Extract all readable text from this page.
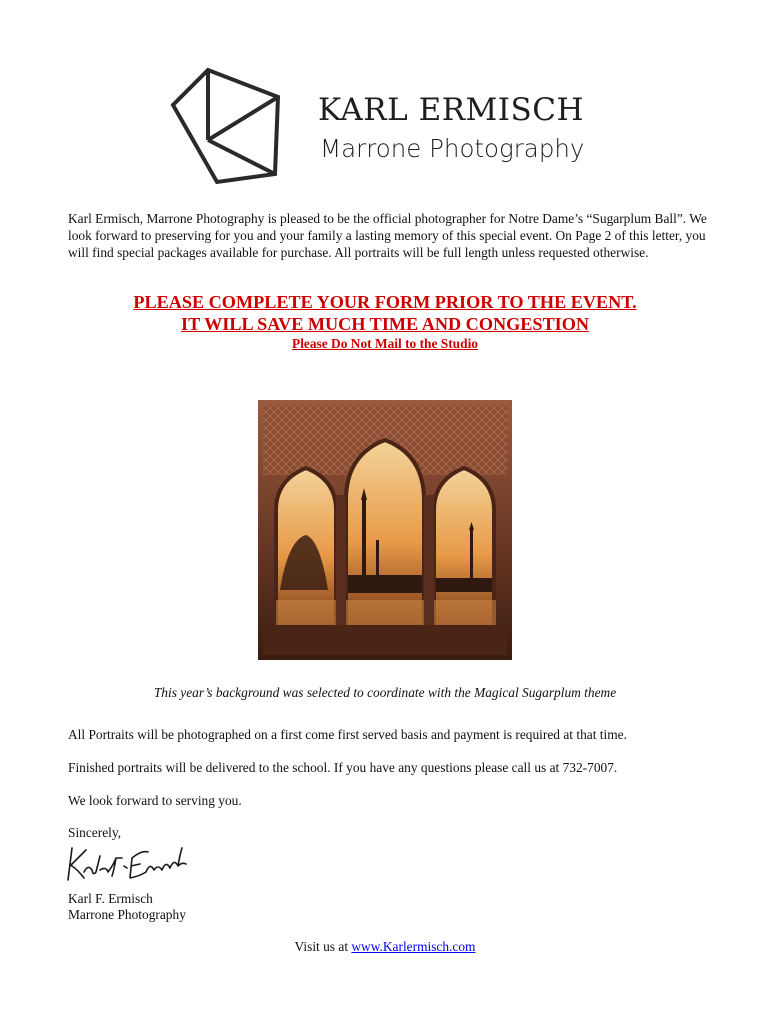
KARL ERMISCH
Marrone Photography
Karl Ermisch, Marrone Photography is pleased to be the official photographer for Notre Dame’s “Sugarplum Ball”. We look forward to preserving for you and your family a lasting memory of this special event. On Page 2 of this letter, you will find special packages available for purchase. All portraits will be full length unless requested otherwise.
PLEASE COMPLETE YOUR FORM PRIOR TO THE EVENT.
IT WILL SAVE MUCH TIME AND CONGESTION
Please Do Not Mail to the Studio
This year’s background was selected to coordinate with the Magical Sugarplum theme
All Portraits will be photographed on a first come first served basis and payment is required at that time.
Finished portraits will be delivered to the school. If you have any questions please call us at 732-7007.
We look forward to serving you.
Sincerely,
Karl F. Ermisch
Marrone Photography
Visit us at www.Karlermisch.com
